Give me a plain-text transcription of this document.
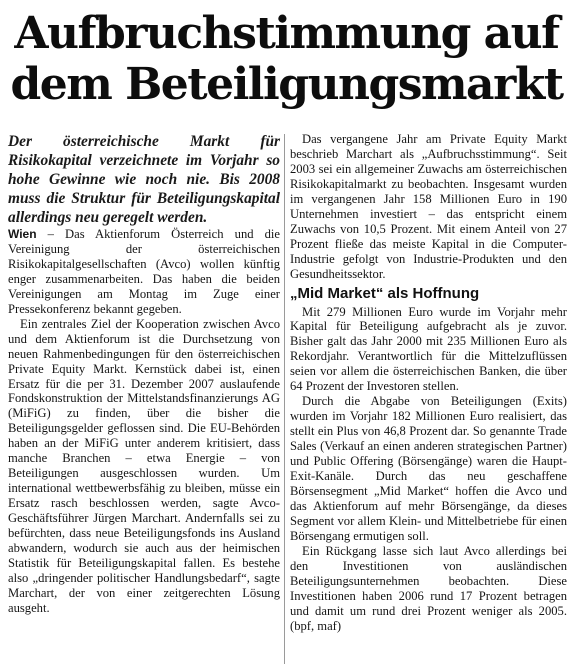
Aufbruchstimmung auf dem Beteiligungsmarkt

Der österreichische Markt für Risikokapital verzeichnete im Vorjahr so hohe Gewinne wie noch nie. Bis 2008 muss die Struktur für Beteiligungskapital allerdings neu geregelt werden.

Wien – Das Aktienforum Österreich und die Vereinigung der österreichischen Risikokapitalgesellschaften (Avco) wollen künftig enger zusammenarbeiten. Das haben die beiden Vereinigungen am Montag im Zuge einer Pressekonferenz bekannt gegeben.

Ein zentrales Ziel der Kooperation zwischen Avco und dem Aktienforum ist die Durchsetzung von neuen Rahmenbedingungen für den österreichischen Private Equity Markt. Kernstück dabei ist, einen Ersatz für die per 31. Dezember 2007 auslaufende Fondskonstruktion der Mittelstandsfinanzierungs AG (MiFiG) zu finden, über die bisher die Beteiligungsgelder geflossen sind. Die EU-Behörden haben an der MiFiG unter anderem kritisiert, dass manche Branchen – etwa Energie – von Beteiligungen ausgeschlossen wurden. Um international wettbewerbsfähig zu bleiben, müsse ein Ersatz rasch beschlossen werden, sagte Avco-Geschäftsführer Jürgen Marchart. Andernfalls sei zu befürchten, dass neue Beteiligungsfonds ins Ausland abwandern, wodurch sie auch aus der heimischen Statistik für Beteiligungskapital fallen. Es bestehe also „dringender politischer Handlungsbedarf“, sagte Marchart, der von einer zeitgerechten Lösung ausgeht.

Das vergangene Jahr am Private Equity Markt beschrieb Marchart als „Aufbruchsstimmung“. Seit 2003 sei ein allgemeiner Zuwachs am österreichischen Risikokapitalmarkt zu beobachten. Insgesamt wurden im vergangenen Jahr 158 Millionen Euro in 190 Unternehmen investiert – das entspricht einem Zuwachs von 10,5 Prozent. Mit einem Anteil von 27 Prozent fließe das meiste Kapital in die Computer-Industrie gefolgt von Industrie-Produkten und den Gesundheitssektor.

„Mid Market“ als Hoffnung

Mit 279 Millionen Euro wurde im Vorjahr mehr Kapital für Beteiligung aufgebracht als je zuvor. Bisher galt das Jahr 2000 mit 235 Millionen Euro als Rekordjahr. Verantwortlich für die Mittelzuflüssen seien vor allem die österreichischen Banken, die über 64 Prozent der Investoren stellen.

Durch die Abgabe von Beteiligungen (Exits) wurden im Vorjahr 182 Millionen Euro realisiert, das stellt ein Plus von 46,8 Prozent dar. So genannte Trade Sales (Verkauf an einen anderen strategischen Partner) und Public Offering (Börsengänge) waren die Haupt-Exit-Kanäle. Durch das neu geschaffene Börsensegment „Mid Market“ hoffen die Avco und das Aktienforum auf mehr Börsengänge, da dieses Segment vor allem Klein- und Mittelbetriebe für einen Börsengang ermutigen soll.

Ein Rückgang lasse sich laut Avco allerdings bei den Investitionen von ausländischen Beteiligungsunternehmen beobachten. Diese Investitionen haben 2006 rund 17 Prozent betragen und damit um rund drei Prozent weniger als 2005. (bpf, maf)
